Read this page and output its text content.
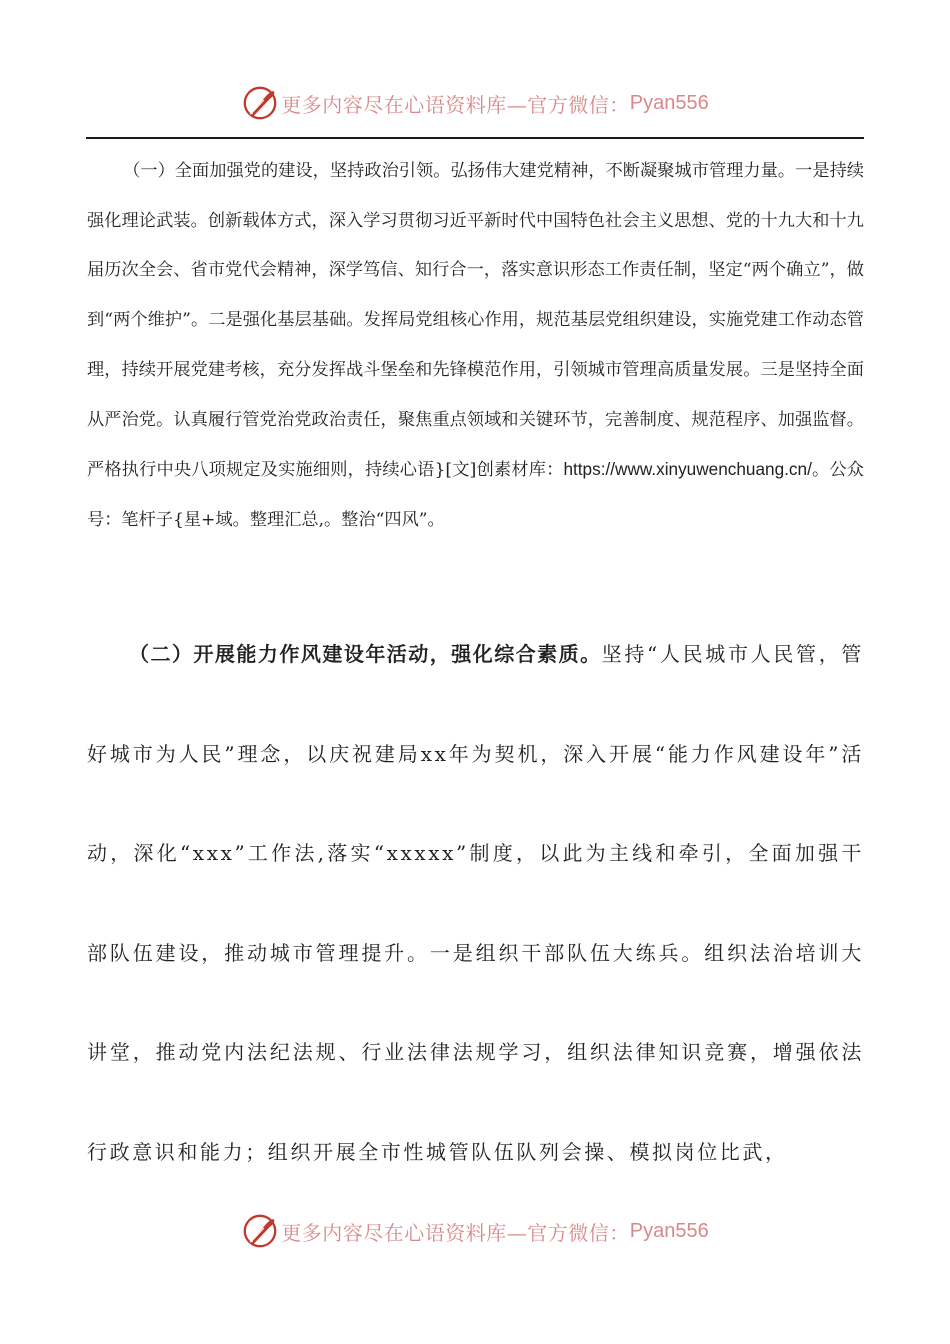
更多内容尽在心语资料库—官方微信： Pyan556

（一）全面加强党的建设，坚持政治引领。弘扬伟大建党精神，不断凝聚城市管理力量。一是持续强化理论武装。创新载体方式，深入学习贯彻习近平新时代中国特色社会主义思想、党的十九大和十九届历次全会、省市党代会精神，深学笃信、知行合一，落实意识形态工作责任制，坚定“两个确立”，做到“两个维护”。二是强化基层基础。发挥局党组核心作用，规范基层党组织建设，实施党建工作动态管理，持续开展党建考核，充分发挥战斗堡垒和先锋模范作用，引领城市管理高质量发展。三是坚持全面从严治党。认真履行管党治党政治责任，聚焦重点领域和关键环节，完善制度、规范程序、加强监督。严格执行中央八项规定及实施细则，持续心语}[文]创素材库：https://www.xinyuwenchuang.cn/。公众号：笔杆子{星+域。整理汇总,。整治“四风”。

（二）开展能力作风建设年活动，强化综合素质。坚持“人民城市人民管，管好城市为人民”理念，以庆祝建局xx年为契机，深入开展“能力作风建设年”活动，深化“xxx”工作法,落实“xxxxx”制度，以此为主线和牵引，全面加强干部队伍建设，推动城市管理提升。一是组织干部队伍大练兵。组织法治培训大讲堂，推动党内法纪法规、行业法律法规学习，组织法律知识竞赛，增强依法行政意识和能力；组织开展全市性城管队伍队列会操、模拟岗位比武，

更多内容尽在心语资料库—官方微信： Pyan556
